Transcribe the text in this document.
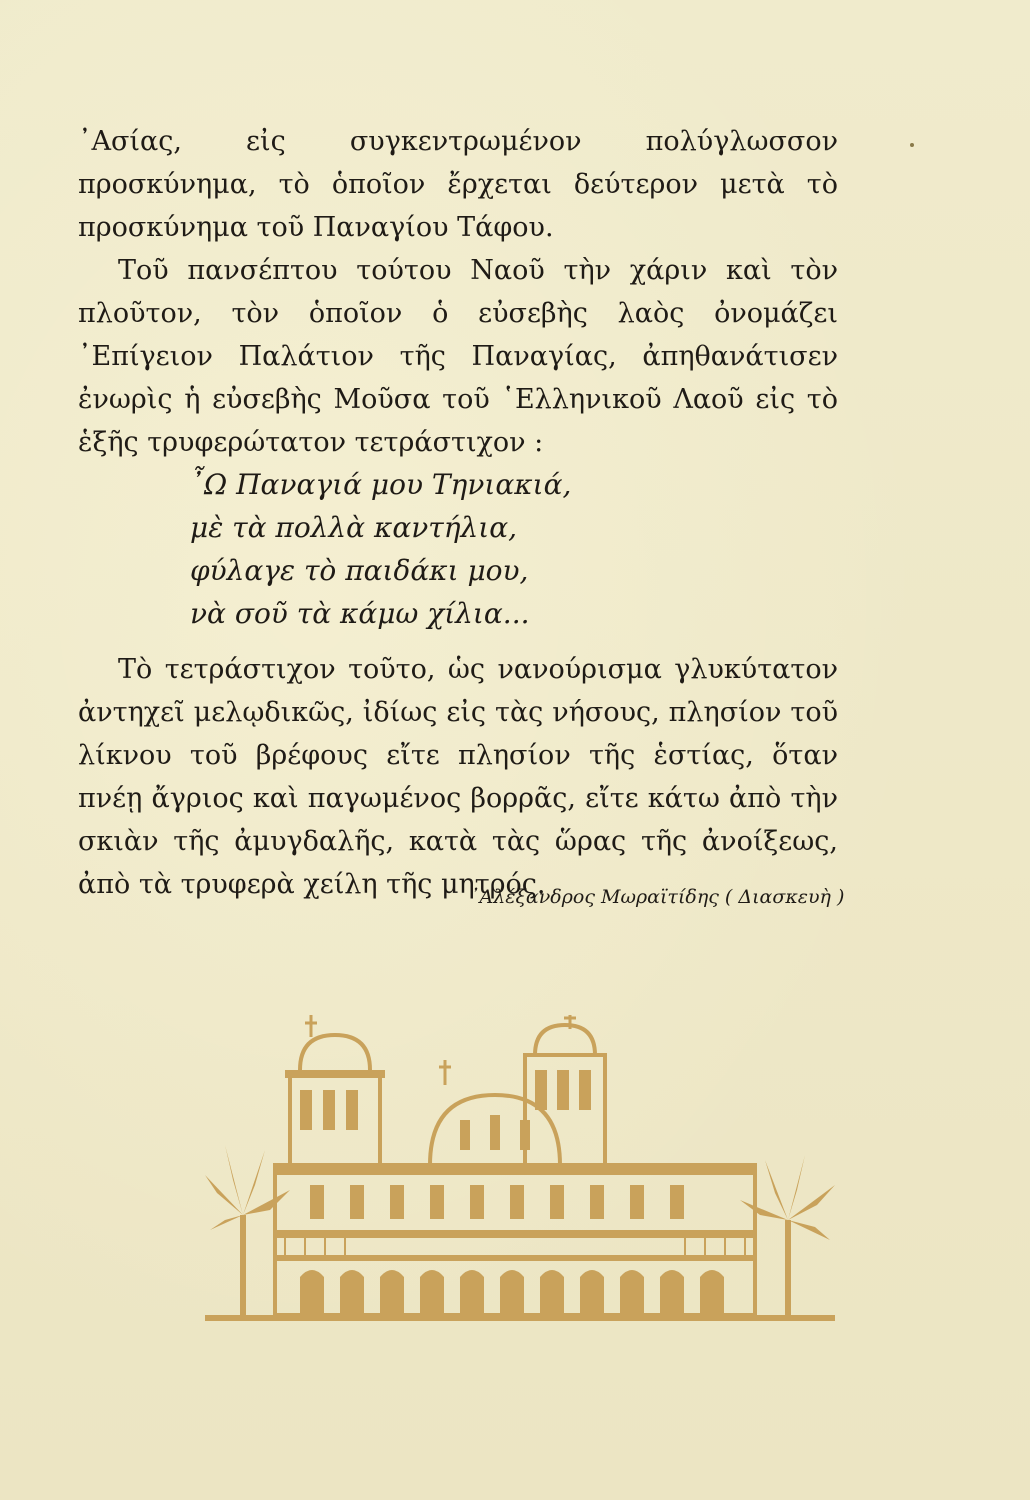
᾿Ασίας, εἰς συγκεντρωμένον πολύγλωσσον προσκύνημα, τὸ ὁποῖον ἔρχεται δεύτερον μετὰ τὸ προσκύνημα τοῦ Παναγίου Τάφου.

Τοῦ πανσέπτου τούτου Ναοῦ τὴν χάριν καὶ τὸν πλοῦτον, τὸν ὁποῖον ὁ εὐσεβὴς λαὸς ὀνομάζει ᾿Επίγειον Παλάτιον τῆς Παναγίας, ἀπηθανάτισεν ἐνωρὶς ἡ εὐσεβὴς Μοῦσα τοῦ ῾Ελληνικοῦ Λαοῦ εἰς τὸ ἑξῆς τρυφερώτατον τετράστιχον :

῏Ω Παναγιά μου Τηνιακιά,
μὲ τὰ πολλὰ καντήλια,
φύλαγε τὸ παιδάκι μου,
νὰ σοῦ τὰ κάμω χίλια...

Τὸ τετράστιχον τοῦτο, ὡς νανούρισμα γλυκύτατον ἀντηχεῖ μελῳδικῶς, ἰδίως εἰς τὰς νήσους, πλησίον τοῦ λίκνου τοῦ βρέφους εἴτε πλησίον τῆς ἑστίας, ὅταν πνέῃ ἄγριος καὶ παγωμένος βορρᾶς, εἴτε κάτω ἀπὸ τὴν σκιὰν τῆς ἀμυγδαλῆς, κατὰ τὰς ὥρας τῆς ἀνοίξεως, ἀπὸ τὰ τρυφερὰ χείλη τῆς μητρός.

᾿Αλέξανδρος Μωραϊτίδης ( Διασκευὴ )
